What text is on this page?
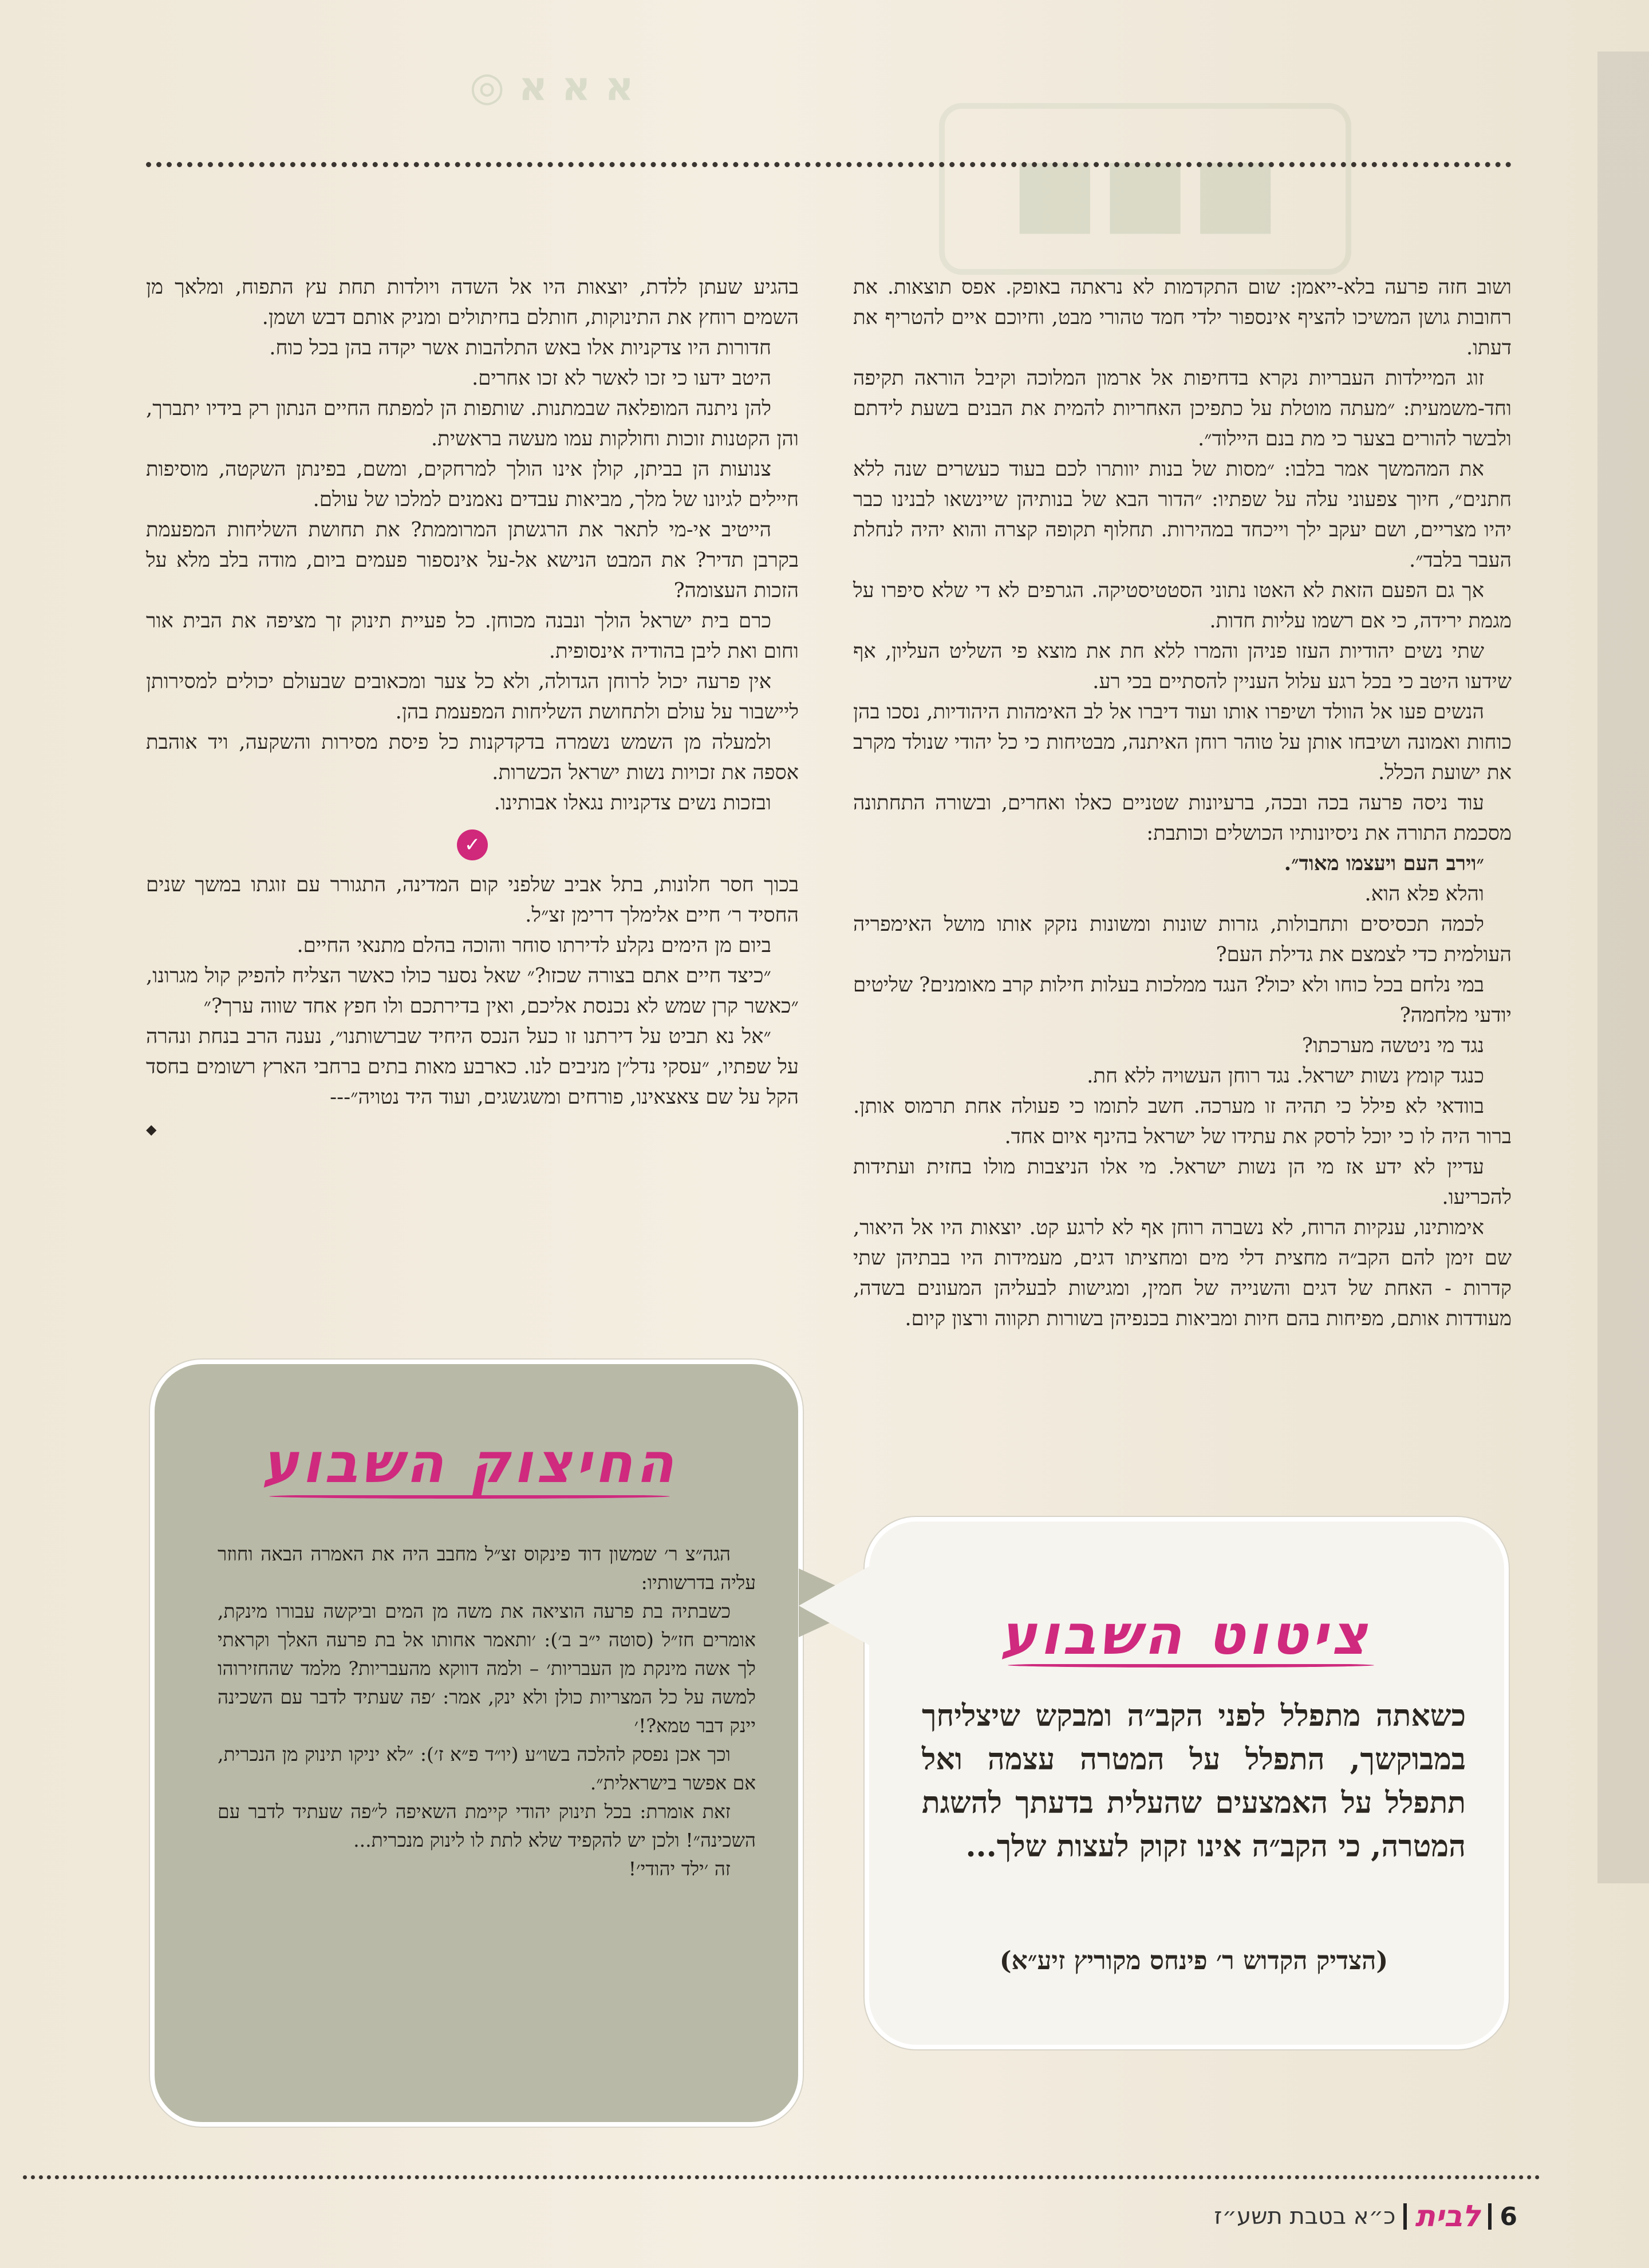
◎ א א א
◼◼◼

ושוב חזה פרעה בלא-ייאמן: שום התקדמות לא נראתה באופק. אפס תוצאות. את רחובות גושן המשיכו להציף אינספור ילדי חמד טהורי מבט, וחיוכם איים להטריף את דעתו.

זוג המיילדות העבריות נקרא בדחיפות אל ארמון המלוכה וקיבל הוראה תקיפה וחד-משמעית: ״מעתה מוטלת על כתפיכן האחריות להמית את הבנים בשעת לידתם ולבשר להורים בצער כי מת בנם היילוד״.

את המהמשך אמר בלבו: ״מסות של בנות יוותרו לכם בעוד כעשרים שנה ללא חתנים״, חיוך צפעוני עלה על שפתיו: ״הדור הבא של בנותיהן שיינשאו לבנינו כבר יהיו מצריים, ושם יעקב ילך וייכחד במהירות. תחלוף תקופה קצרה והוא יהיה לנחלת העבר בלבד״.

אך גם הפעם הזאת לא האטו נתוני הסטטיסטיקה. הגרפים לא די שלא סיפרו על מגמת ירידה, כי אם רשמו עליות חדות.

שתי נשים יהודיות העזו פניהן והמרו ללא חת את מוצא פי השליט העליון, אף שידעו היטב כי בכל רגע עלול העניין להסתיים בכי רע.

הנשים פעו אל הוולד ושיפרו אותו ועוד דיברו אל לב האימהות היהודיות, נסכו בהן כוחות ואמונה ושיבחו אותן על טוהר רוחן האיתנה, מבטיחות כי כל יהודי שנולד מקרב את ישועת הכלל.

עוד ניסה פרעה בכה ובכה, ברעיונות שטניים כאלו ואחרים, ובשורה התחתונה מסכמת התורה את ניסיונותיו הכושלים וכותבת:

״וירב העם ויעצמו מאוד״.

והלא פלא הוא.

לכמה תכסיסים ותחבולות, גזרות שונות ומשונות נזקק אותו מושל האימפריה העולמית כדי לצמצם את גדילת העם?

במי נלחם בכל כוחו ולא יכול? הנגד ממלכות בעלות חילות קרב מאומנים? שליטים יודעי מלחמה?

נגד מי ניטשה מערכתו?

כנגד קומץ נשות ישראל. נגד רוחן העשויה ללא חת.

בוודאי לא פילל כי תהיה זו מערכה. חשב לתומו כי פעולה אחת תרמוס אותן. ברור היה לו כי יוכל לרסק את עתידו של ישראל בהינף איום אחד.

עדיין לא ידע אז מי הן נשות ישראל. מי אלו הניצבות מולו בחזית ועתידות להכריעו.

אימותינו, ענקיות הרוח, לא נשברה רוחן אף לא לרגע קט. יוצאות היו אל היאור, שם זימן להם הקב״ה מחצית דלי מים ומחציתו דגים, מעמידות היו בבתיהן שתי קדרות - האחת של דגים והשנייה של חמין, ומגישות לבעליהן המעונים בשדה, מעודדות אותם, מפיחות בהם חיות ומביאות בכנפיהן בשורות תקווה ורצון קיום.

בהגיע שעתן ללדת, יוצאות היו אל השדה ויולדות תחת עץ התפוח, ומלאך מן השמים רוחץ את התינוקות, חותלם בחיתולים ומניק אותם דבש ושמן.

חדורות היו צדקניות אלו באש התלהבות אשר יקדה בהן בכל כוח.

היטב ידעו כי זכו לאשר לא זכו אחרים.

להן ניתנה המופלאה שבמתנות. שותפות הן למפתח החיים הנתון רק בידיו יתברך, והן הקטנות זוכות וחולקות עמו מעשה בראשית.

צנועות הן בביתן, קולן אינו הולך למרחקים, ומשם, בפינתן השקטה, מוסיפות חיילים לגיונו של מלך, מביאות עבדים נאמנים למלכו של עולם.

הייטיב אי-מי לתאר את הרגשתן המרוממת? את תחושת השליחות המפעמת בקרבן תדיר? את המבט הנישא אל-על אינספור פעמים ביום, מודה בלב מלא על הזכות העצומה?

כרם בית ישראל הולך ונבנה מכוחן. כל פעיית תינוק זך מציפה את הבית אור וחום ואת ליבן בהודיה אינסופית.

אין פרעה יכול לרוחן הגדולה, ולא כל צער ומכאובים שבעולם יכולים למסירותן ליישבור על עולם ולתחושת השליחות המפעמת בהן.

ולמעלה מן השמש נשמרה בדקדקנות כל פיסת מסירות והשקעה, ויד אוהבת אספה את זכויות נשות ישראל הכשרות.

ובזכות נשים צדקניות נגאלו אבותינו.

✓

בכוך חסר חלונות, בתל אביב שלפני קום המדינה, התגורר עם זוגתו במשך שנים החסיד ר׳ חיים אלימלך דרימן זצ״ל.

ביום מן הימים נקלע לדירתו סוחר והוכה בהלם מתנאי החיים.

״כיצד חיים אתם בצורה שכזו?״ שאל נסער כולו כאשר הצליח להפיק קול מגרונו, ״כאשר קרן שמש לא נכנסת אליכם, ואין בדירתכם ולו חפץ אחד שווה ערך?״

״אל נא תביט על דירתנו זו כעל הנכס היחיד שברשותנו״, נענה הרב בנחת ונהרה על שפתיו, ״עסקי נדל״ן מניבים לנו. כארבע מאות בתים ברחבי הארץ רשומים בחסד הקל על שם צאצאינו, פורחים ומשגשגים, ועוד היד נטויה״---

◆

החיצוק השבוע

הגה״צ ר׳ שמשון דוד פינקוס זצ״ל מחבב היה את האמרה הבאה וחוזר עליה בדרשותיו:

כשבתיה בת פרעה הוציאה את משה מן המים וביקשה עבורו מינקת, אומרים חז״ל (סוטה י״ב ב׳): ׳ותאמר אחותו אל בת פרעה האלך וקראתי לך אשה מינקת מן העבריות׳ – ולמה דווקא מהעבריות? מלמד שהחזירוהו למשה על כל המצריות כולן ולא ינק, אמר: ׳פה שעתיד לדבר עם השכינה יינק דבר טמא?!׳

וכך אכן נפסק להלכה בשו״ע (יו״ד פ״א ז׳): ״לא יניקו תינוק מן הנכרית, אם אפשר בישראלית״.

זאת אומרת: בכל תינוק יהודי קיימת השאיפה ל״פה שעתיד לדבר עם השכינה״! ולכן יש להקפיד שלא לתת לו לינוק מנכרית...

זה ׳ילד יהודי׳!

ציטוט השבוע
כשאתה מתפלל לפני הקב״ה ומבקש שיצליחך במבוקשך, התפלל על המטרה עצמה ואל תתפלל על האמצעים שהעלית בדעתך להשגת המטרה, כי הקב״ה אינו זקוק לעצות שלך...
(הצדיק הקדוש ר׳ פינחס מקוריץ זיע״א)
6
לבית
כ״א בטבת תשע״ז
